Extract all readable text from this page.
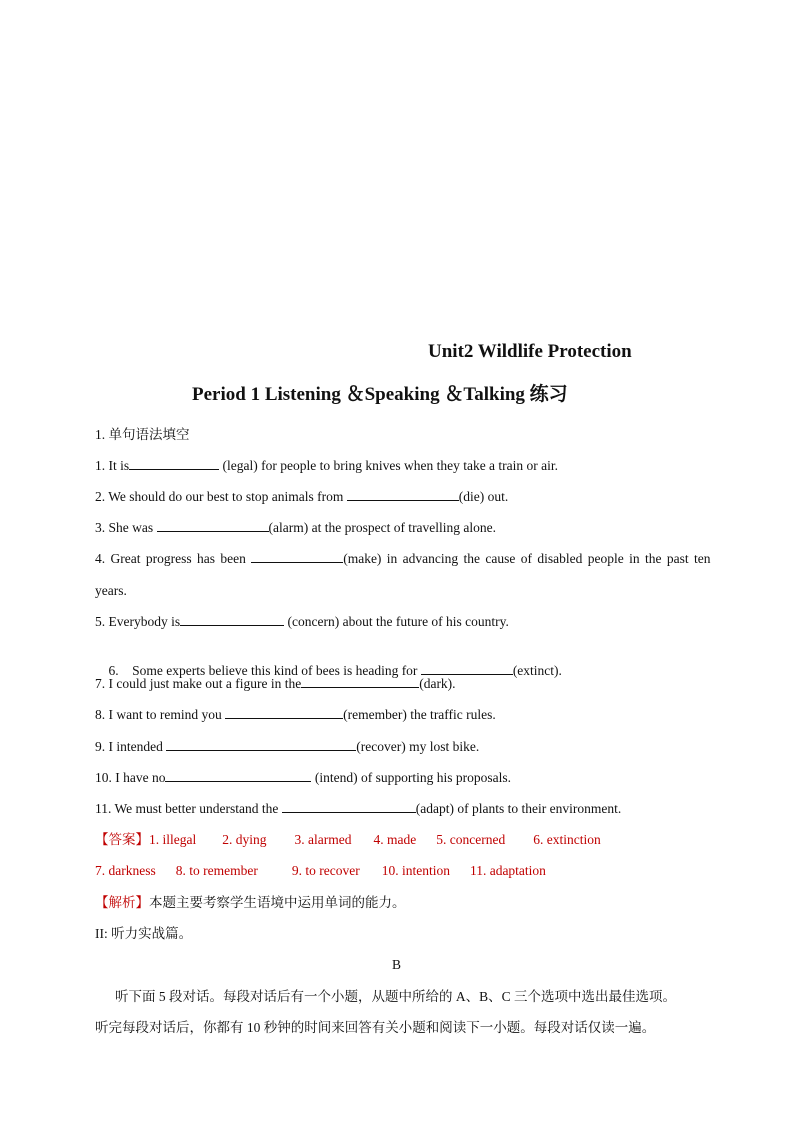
Unit2 Wildlife Protection
Period 1 Listening ＆Speaking ＆Talking 练习
1. 单句语法填空
1. It is	(legal) for people to bring knives when they take a train or air.
2. We should do our best to stop animals from	(die) out.
3. She was	(alarm) at the prospect of travelling alone.
4. Great progress has been	(make) in advancing the cause of disabled people in the past ten
years.
5. Everybody is	(concern) about the future of his country.

6.    Some experts believe this kind of bees is heading for	(extinct).

7. I could just make out a figure in the	(dark).
8. I want to remind you	(remember) the traffic rules.
9. I intended	(recover) my lost bike.
10. I have no	(intend) of supporting his proposals.
11. We must better understand the	(adapt) of plants to their environment.
【答案】1. illegal 2. dying 3. alarmed 4. made 5. concerned 6. extinction
7. darkness 8. to remember	9. to recover 10. intention 11. adaptation
【解析】本题主要考察学生语境中运用单词的能力。
II: 听力实战篇。
B
听下面 5 段对话。每段对话后有一个小题，从题中所给的 A、B、C 三个选项中选出最佳选项。
听完每段对话后，你都有 10 秒钟的时间来回答有关小题和阅读下一小题。每段对话仅读一遍。
